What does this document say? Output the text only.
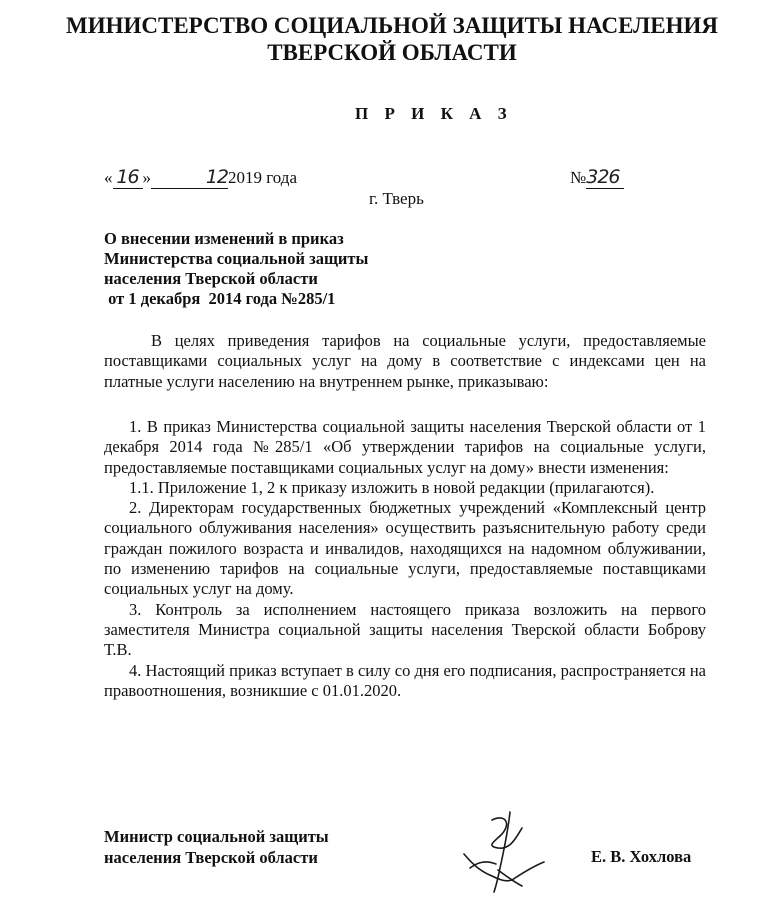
МИНИСТЕРСТВО СОЦИАЛЬНОЙ ЗАЩИТЫ НАСЕЛЕНИЯ
ТВЕРСКОЙ ОБЛАСТИ
П Р И К А З
« 16 »	122019 года	№326
г. Тверь
О внесении изменений в приказ
Министерства социальной защиты
населения Тверской области
от 1 декабря  2014 года №285/1
В целях приведения тарифов на социальные услуги, предоставляемые поставщиками социальных услуг на дому в соответствие с индексами цен на платные услуги населению на внутреннем рынке, приказываю:

1. В приказ Министерства социальной защиты населения Тверской области от 1 декабря 2014 года №285/1 «Об утверждении тарифов на социальные услуги, предоставляемые поставщиками социальных услуг на дому» внести изменения:

1.1. Приложение 1, 2 к приказу изложить в новой редакции (прилагаются).

2. Директорам государственных бюджетных учреждений «Комплексный центр социального облуживания населения» осуществить разъяснительную работу среди граждан пожилого возраста и инвалидов, находящихся на надомном облуживании, по изменению тарифов на социальные услуги, предоставляемые поставщиками социальных услуг на дому.

3. Контроль за исполнением настоящего приказа возложить на первого заместителя Министра социальной защиты населения Тверской области Боброву Т.В.

4. Настоящий приказ вступает в силу со дня его подписания, распространяется на правоотношения, возникшие с 01.01.2020.

Министр социальной защиты
населения Тверской области	Е. В. Хохлова
